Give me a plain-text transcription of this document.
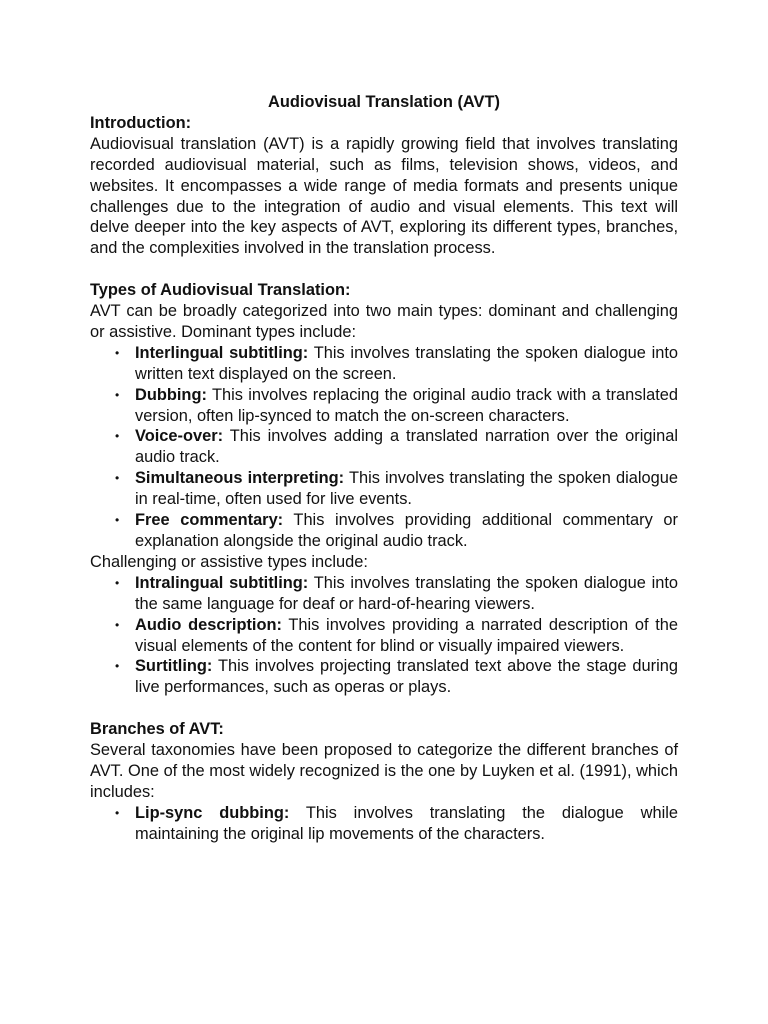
Audiovisual Translation (AVT)
Introduction:

Audiovisual translation (AVT) is a rapidly growing field that involves translating recorded audiovisual material, such as films, television shows, videos, and websites. It encompasses a wide range of media formats and presents unique challenges due to the integration of audio and visual elements. This text will delve deeper into the key aspects of AVT, exploring its different types, branches, and the complexities involved in the translation process.

Types of Audiovisual Translation:

AVT can be broadly categorized into two main types: dominant and challenging or assistive. Dominant types include:

• Interlingual subtitling: This involves translating the spoken dialogue into written text displayed on the screen.
• Dubbing: This involves replacing the original audio track with a translated version, often lip-synced to match the on-screen characters.
• Voice-over: This involves adding a translated narration over the original audio track.
• Simultaneous interpreting: This involves translating the spoken dialogue in real-time, often used for live events.
• Free commentary: This involves providing additional commentary or explanation alongside the original audio track.

Challenging or assistive types include:

• Intralingual subtitling: This involves translating the spoken dialogue into the same language for deaf or hard-of-hearing viewers.
• Audio description: This involves providing a narrated description of the visual elements of the content for blind or visually impaired viewers.
• Surtitling: This involves projecting translated text above the stage during live performances, such as operas or plays.
Branches of AVT:

Several taxonomies have been proposed to categorize the different branches of AVT. One of the most widely recognized is the one by Luyken et al. (1991), which includes:

• Lip-sync dubbing: This involves translating the dialogue while maintaining the original lip movements of the characters.
